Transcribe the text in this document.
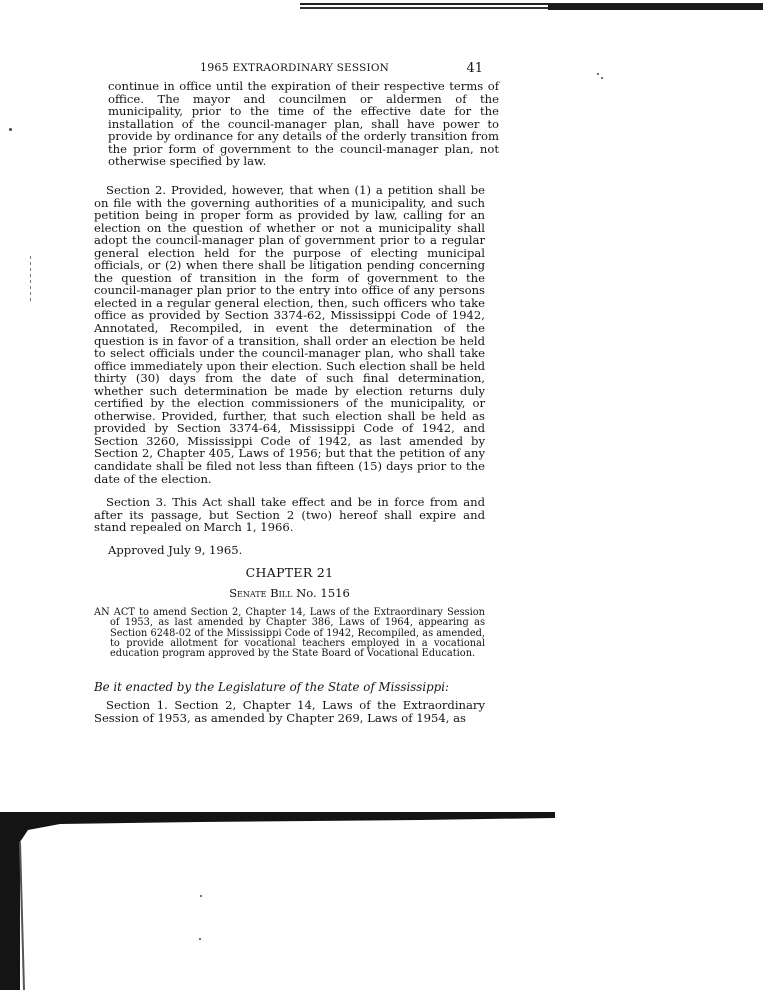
1965 EXTRAORDINARY SESSION	41

continue in office until the expiration of their respective terms of office. The mayor and councilmen or aldermen of the municipality, prior to the time of the effective date for the installation of the council-manager plan, shall have power to provide by ordinance for any details of the orderly transition from the prior form of government to the council-manager plan, not otherwise specified by law.

Section 2. Provided, however, that when (1) a petition shall be on file with the governing authorities of a municipality, and such petition being in proper form as provided by law, calling for an election on the question of whether or not a municipality shall adopt the council-manager plan of government prior to a regular general election held for the purpose of electing municipal officials, or (2) when there shall be litigation pending concerning the question of transition in the form of government to the council-manager plan prior to the entry into office of any persons elected in a regular general election, then, such officers who take office as provided by Section 3374-62, Mississippi Code of 1942, Annotated, Recompiled, in event the determination of the question is in favor of a transition, shall order an election be held to select officials under the council-manager plan, who shall take office immediately upon their election. Such election shall be held thirty (30) days from the date of such final determination, whether such determination be made by election returns duly certified by the election commissioners of the municipality, or otherwise. Provided, further, that such election shall be held as provided by Section 3374-64, Mississippi Code of 1942, and Section 3260, Mississippi Code of 1942, as last amended by Section 2, Chapter 405, Laws of 1956; but that the petition of any candidate shall be filed not less than fifteen (15) days prior to the date of the election.

Section 3. This Act shall take effect and be in force from and after its passage, but Section 2 (two) hereof shall expire and stand repealed on March 1, 1966.

Approved July 9, 1965.
CHAPTER 21
Senate Bill No. 1516
AN ACT to amend Section 2, Chapter 14, Laws of the Extraordinary Session of 1953, as last amended by Chapter 386, Laws of 1964, appearing as Section 6248-02 of the Mississippi Code of 1942, Recompiled, as amended, to provide allotment for vocational teachers employed in a vocational education program approved by the State Board of Vocational Education.
Be it enacted by the Legislature of the State of Mississippi:

Section 1. Section 2, Chapter 14, Laws of the Extraordinary Session of 1953, as amended by Chapter 269, Laws of 1954, as
